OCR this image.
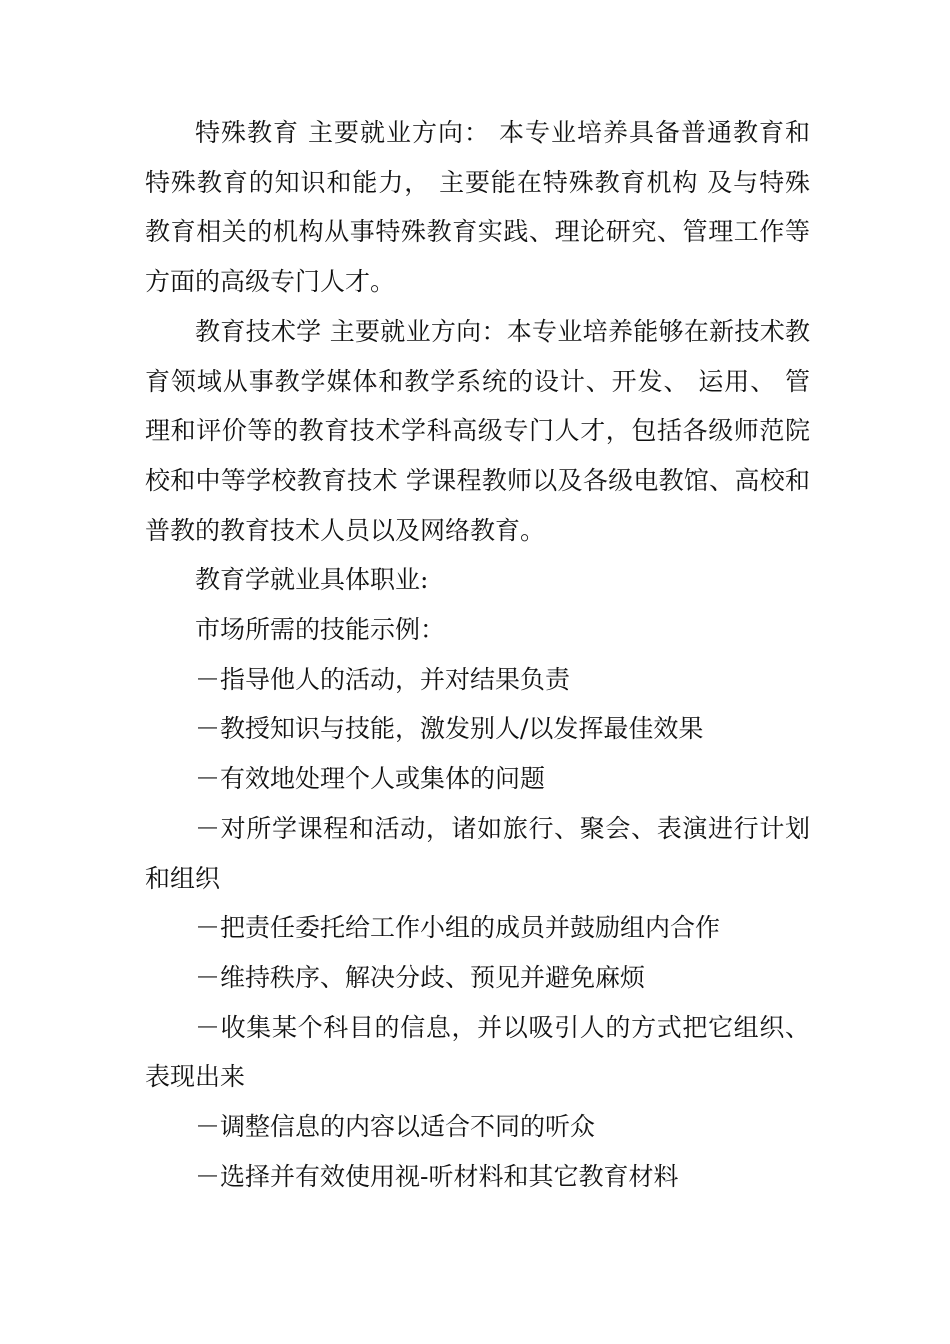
特殊教育 主要就业方向： 本专业培养具备普通教育和特殊教育的知识和能力， 主要能在特殊教育机构 及与特殊教育相关的机构从事特殊教育实践、理论研究、管理工作等方面的高级专门人才。

教育技术学 主要就业方向：本专业培养能够在新技术教育领域从事教学媒体和教学系统的设计、开发、 运用、 管理和评价等的教育技术学科高级专门人才，包括各级师范院校和中等学校教育技术 学课程教师以及各级电教馆、高校和普教的教育技术人员以及网络教育。

教育学就业具体职业:

市场所需的技能示例：

－指导他人的活动，并对结果负责

－教授知识与技能，激发别人/以发挥最佳效果

－有效地处理个人或集体的问题

－对所学课程和活动，诸如旅行、聚会、表演进行计划和组织

－把责任委托给工作小组的成员并鼓励组内合作

－维持秩序、解决分歧、预见并避免麻烦

－收集某个科目的信息，并以吸引人的方式把它组织、表现出来

－调整信息的内容以适合不同的听众

－选择并有效使用视-听材料和其它教育材料
